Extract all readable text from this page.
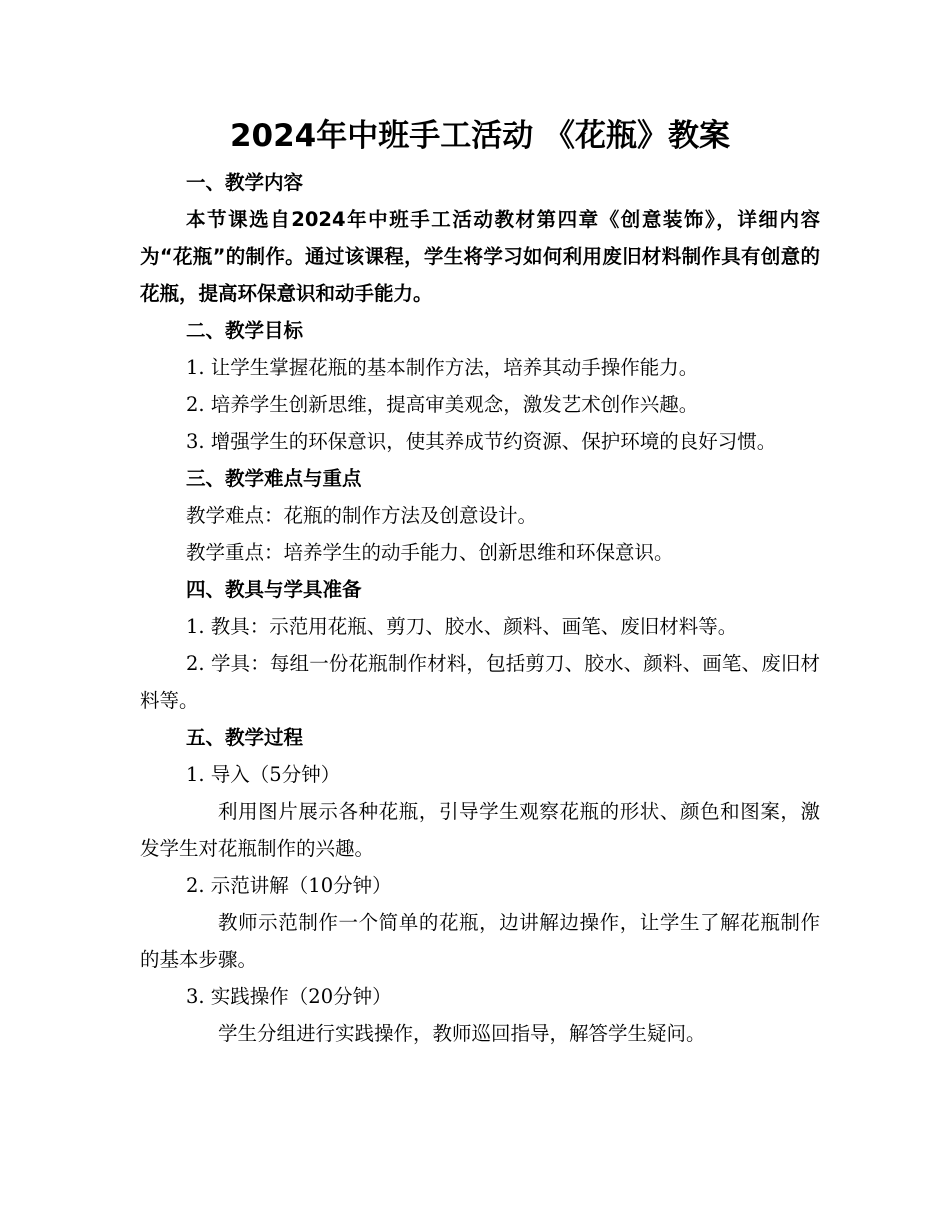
2024年中班手工活动 《花瓶》教案

一、教学内容

本节课选自2024年中班手工活动教材第四章《创意装饰》，详细内容为“花瓶”的制作。通过该课程，学生将学习如何利用废旧材料制作具有创意的花瓶，提高环保意识和动手能力。

二、教学目标

1. 让学生掌握花瓶的基本制作方法，培养其动手操作能力。

2. 培养学生创新思维，提高审美观念，激发艺术创作兴趣。

3. 增强学生的环保意识，使其养成节约资源、保护环境的良好习惯。

三、教学难点与重点

教学难点：花瓶的制作方法及创意设计。

教学重点：培养学生的动手能力、创新思维和环保意识。

四、教具与学具准备

1. 教具：示范用花瓶、剪刀、胶水、颜料、画笔、废旧材料等。

2. 学具：每组一份花瓶制作材料，包括剪刀、胶水、颜料、画笔、废旧材料等。

五、教学过程

1. 导入（5分钟）

利用图片展示各种花瓶，引导学生观察花瓶的形状、颜色和图案，激发学生对花瓶制作的兴趣。

2. 示范讲解（10分钟）

教师示范制作一个简单的花瓶，边讲解边操作，让学生了解花瓶制作的基本步骤。

3. 实践操作（20分钟）

学生分组进行实践操作，教师巡回指导，解答学生疑问。
